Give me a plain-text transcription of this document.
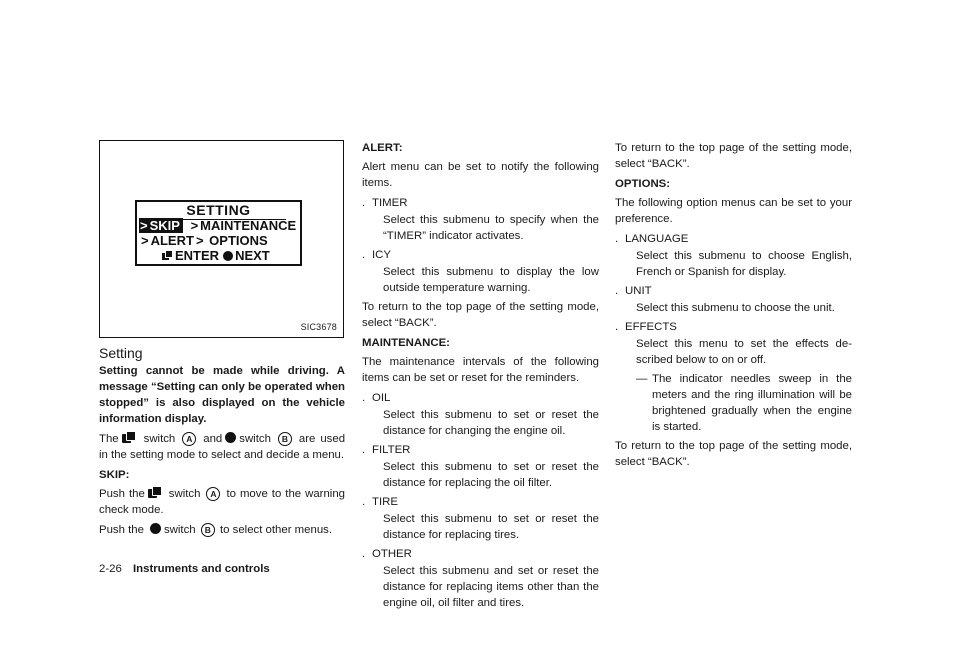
SETTING
> SKIP > MAINTENANCE
> ALERT > OPTIONS
ENTER NEXT
SIC3678
Setting

Setting cannot be made while driving. A message “Setting can only be operated when stopped” is also displayed on the vehicle information display.

The switch A and switch B are used in the setting mode to select and decide a menu.

SKIP:

Push the switch A to move to the warning check mode.

Push the switch B to select other menus.

ALERT:

Alert menu can be set to notify the following items.

. TIMER
Select this submenu to specify when the “TIMER” indicator activates.
. ICY
Select this submenu to display the low outside temperature warning.

To return to the top page of the setting mode, select “BACK”.

MAINTENANCE:

The maintenance intervals of the following items can be set or reset for the reminders.

. OIL
Select this submenu to set or reset the distance for changing the engine oil.
. FILTER
Select this submenu to set or reset the distance for replacing the oil filter.
. TIRE
Select this submenu to set or reset the distance for replacing tires.
. OTHER
Select this submenu and set or reset the distance for replacing items other than the engine oil, oil filter and tires.

To return to the top page of the setting mode, select “BACK”.

OPTIONS:

The following option menus can be set to your preference.

. LANGUAGE
Select this submenu to choose English, French or Spanish for display.
. UNIT
Select this submenu to choose the unit.
. EFFECTS
Select this menu to set the effects de-scribed below to on or off.
— The indicator needles sweep in the meters and the ring illumination will be brightened gradually when the engine is started.

To return to the top page of the setting mode, select “BACK”.

2-26 Instruments and controls
